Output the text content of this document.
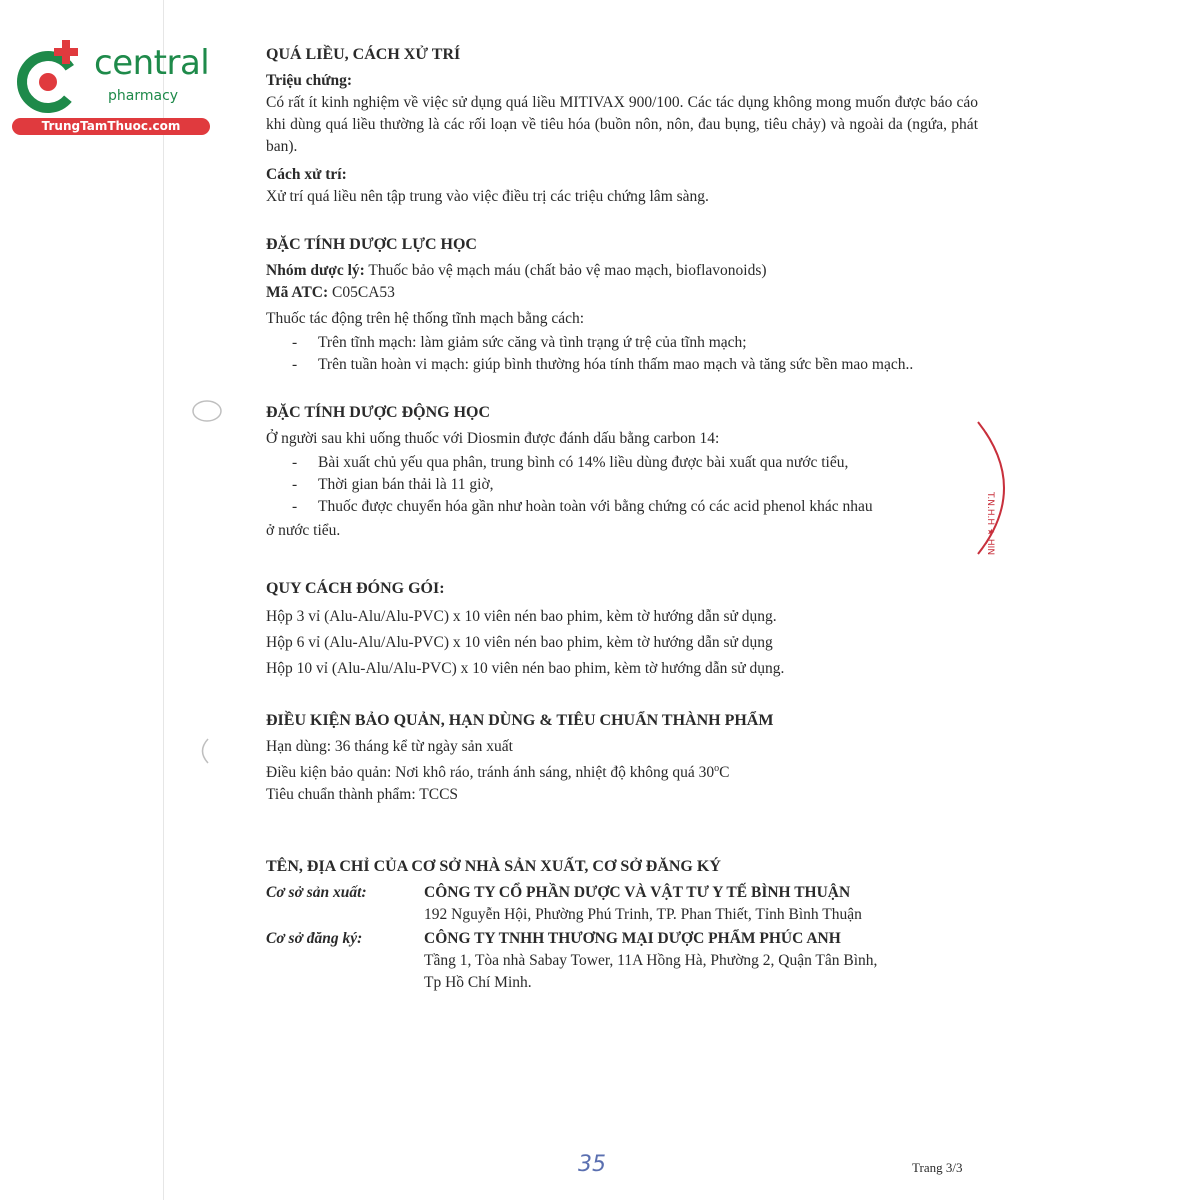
central
pharmacy
TrungTamThuoc.com
T.N.H.H ★ HIN
QUÁ LIỀU, CÁCH XỬ TRÍ
Triệu chứng:

Có rất ít kinh nghiệm về việc sử dụng quá liều MITIVAX 900/100. Các tác dụng không mong muốn được báo cáo khi dùng quá liều thường là các rối loạn về tiêu hóa (buồn nôn, nôn, đau bụng, tiêu chảy) và ngoài da (ngứa, phát ban).

Cách xử trí:

Xử trí quá liều nên tập trung vào việc điều trị các triệu chứng lâm sàng.

ĐẶC TÍNH DƯỢC LỰC HỌC

Nhóm dược lý: Thuốc bảo vệ mạch máu (chất bảo vệ mao mạch, bioflavonoids)

Mã ATC: C05CA53

Thuốc tác động trên hệ thống tĩnh mạch bằng cách:

- Trên tĩnh mạch: làm giảm sức căng và tình trạng ứ trệ của tĩnh mạch;
- Trên tuần hoàn vi mạch: giúp bình thường hóa tính thấm mao mạch và tăng sức bền mao mạch..
ĐẶC TÍNH DƯỢC ĐỘNG HỌC

Ở người sau khi uống thuốc với Diosmin được đánh dấu bằng carbon 14:

- Bài xuất chủ yếu qua phân, trung bình có 14% liều dùng được bài xuất qua nước tiểu,
- Thời gian bán thải là 11 giờ,
- Thuốc được chuyển hóa gần như hoàn toàn với bằng chứng có các acid phenol khác nhau

ở nước tiểu.

QUY CÁCH ĐÓNG GÓI:

Hộp 3 vỉ (Alu-Alu/Alu-PVC) x 10 viên nén bao phim, kèm tờ hướng dẫn sử dụng.

Hộp 6 vỉ (Alu-Alu/Alu-PVC) x 10 viên nén bao phim, kèm tờ hướng dẫn sử dụng

Hộp 10 vỉ (Alu-Alu/Alu-PVC) x 10 viên nén bao phim, kèm tờ hướng dẫn sử dụng.

ĐIỀU KIỆN BẢO QUẢN, HẠN DÙNG & TIÊU CHUẨN THÀNH PHẨM

Hạn dùng: 36 tháng kể từ ngày sản xuất

Điều kiện bảo quản: Nơi khô ráo, tránh ánh sáng, nhiệt độ không quá 30$^o$C

Tiêu chuẩn thành phẩm: TCCS

TÊN, ĐỊA CHỈ CỦA CƠ SỞ NHÀ SẢN XUẤT, CƠ SỞ ĐĂNG KÝ
Cơ sở sản xuất:	CÔNG TY CỔ PHẦN DƯỢC VÀ VẬT TƯ Y TẾ BÌNH THUẬN
192 Nguyễn Hội, Phường Phú Trinh, TP. Phan Thiết, Tỉnh Bình Thuận
Cơ sở đăng ký:	CÔNG TY TNHH THƯƠNG MẠI DƯỢC PHẨM PHÚC ANH
Tầng 1, Tòa nhà Sabay Tower, 11A Hồng Hà, Phường 2, Quận Tân Bình,
Tp Hồ Chí Minh.
35	Trang 3/3
